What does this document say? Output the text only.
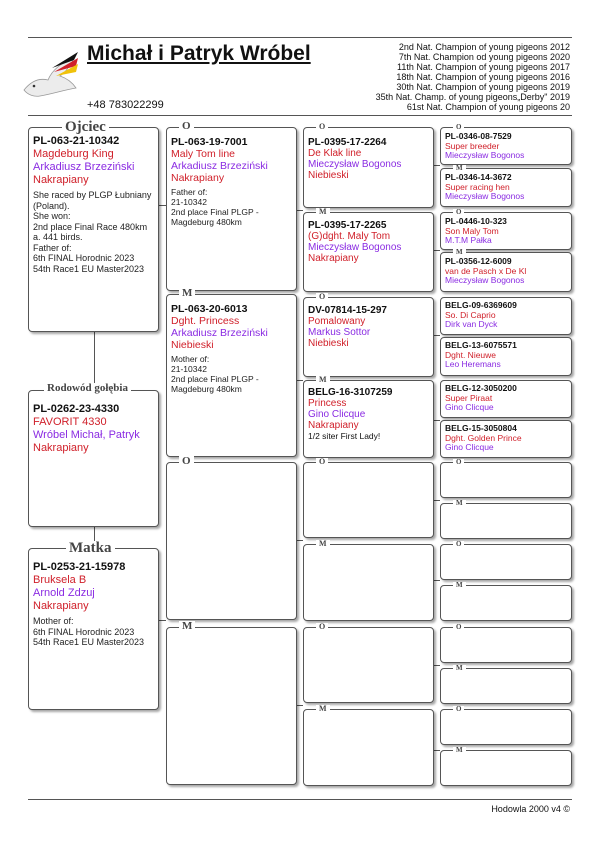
Michał i Patryk Wróbel
+48 783022299
2nd Nat. Champion of young pigeons 2012
7th Nat. Champion od young pigeons 2020
11th Nat. Champion of young pigeons 2017
18th Nat. Champion of young pigeons 2016
30th Nat. Champion of young pigeons 2019
35th Nat. Champ. of young pigeons„Derby" 2019
61st Nat. Champion of young pigeons 20
PL-063-21-10342
Magdeburg King
Arkadiusz Brzeziński
Nakrapiany
She raced by PLGP Łubniany (Poland).
She won:
2nd place Final Race 480km a. 441 birds.
Father of:
6th FINAL Horodnic 2023
54th Race1 EU Master2023
Ojciec
PL-0262-23-4330
FAVORIT 4330
Wróbel Michał, Patryk
Nakrapiany
Rodowód gołębia
PL-0253-21-15978
Bruksela B
Arnold Zdzuj
Nakrapiany
Mother of:
6th FINAL Horodnic 2023
54th Race1 EU Master2023
Matka
PL-063-19-7001
Maly Tom line
Arkadiusz Brzeziński
Nakrapiany
Father of:
21-10342
2nd place Final PLGP - Magdeburg 480km
O
PL-063-20-6013
Dght. Princess
Arkadiusz Brzeziński
Niebieski
Mother of:
21-10342
2nd place Final PLGP - Magdeburg 480km
M
O
M
PL-0395-17-2264
De Klak line
Mieczysław Bogonos
Niebieski
O
PL-0395-17-2265
(G)dght. Maly Tom
Mieczysław Bogonos
Nakrapiany
M
DV-07814-15-297
Pomalowany
Markus Sottor
Niebieski
O
BELG-16-3107259
Princess
Gino Clicque
Nakrapiany
1/2 siter First Lady!
M
O
M
O
M
PL-0346-08-7529
Super breeder
Mieczysław Bogonos
O
PL-0346-14-3672
Super racing hen
Mieczysław Bogonos
M
PL-0446-10-323
Son Maly Tom
M.T.M Pałka
O
PL-0356-12-6009
van de Pasch x De Kl
Mieczysław Bogonos
M
BELG-09-6369609
So. Di Caprio
Dirk van Dyck
BELG-13-6075571
Dght. Nieuwe
Leo Heremans
BELG-12-3050200
Super Piraat
Gino Clicque
BELG-15-3050804
Dght. Golden Prince
Gino Clicque
O
M
O
M
O
M
O
M
Hodowla 2000 v4 ©
